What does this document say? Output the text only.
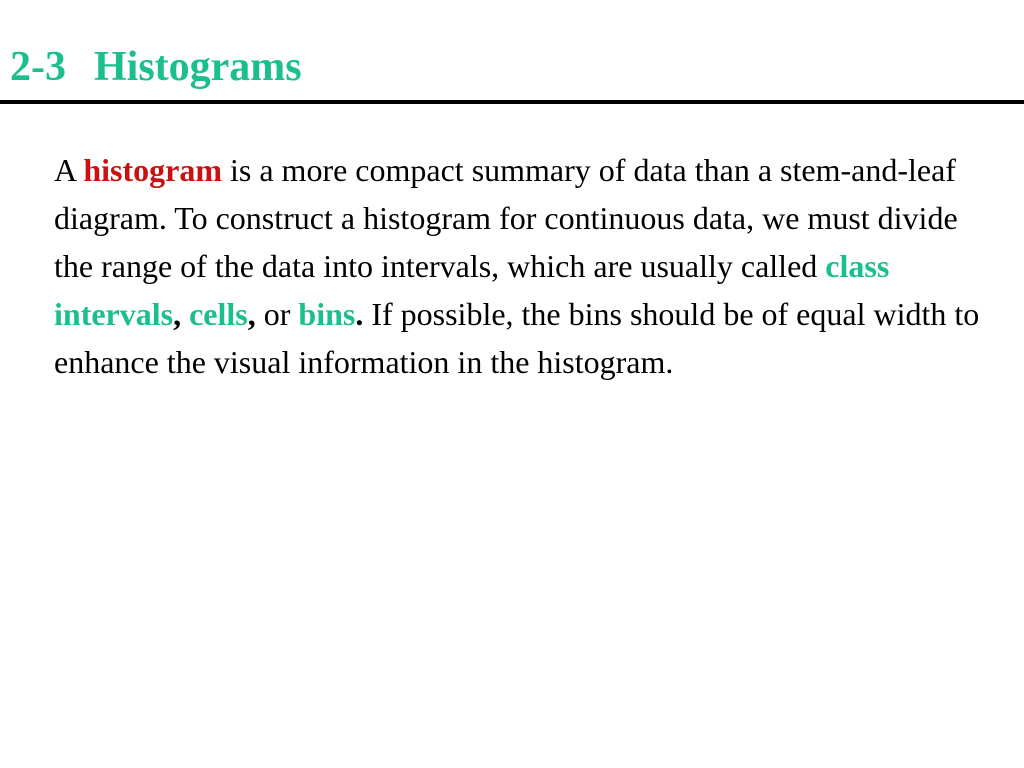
2-3 Histograms

A histogram is a more compact summary of data than a stem-and-leaf diagram. To construct a histogram for continuous data, we must divide the range of the data into intervals, which are usually called class intervals, cells, or bins. If possible, the bins should be of equal width to enhance the visual information in the histogram.
